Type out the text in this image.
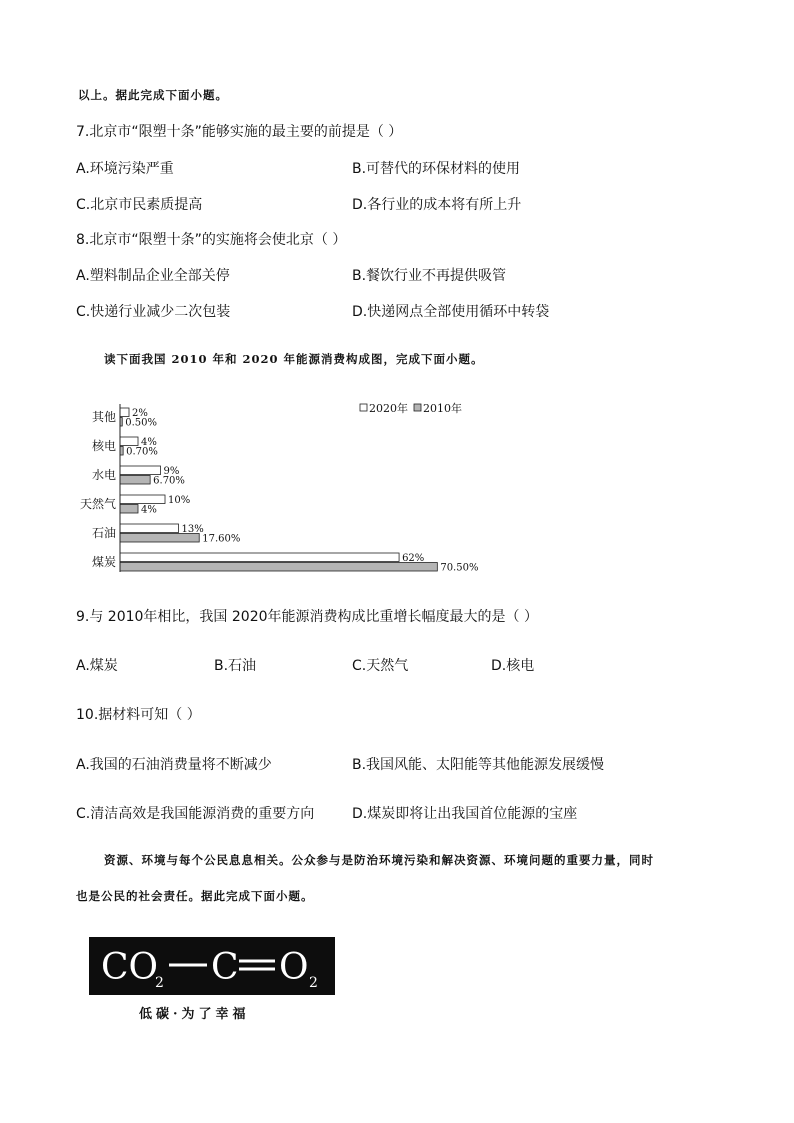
以上。据此完成下面小题。
7.北京市“限塑十条”能够实施的最主要的前提是（ ）
A.环境污染严重	B.可替代的环保材料的使用
C.北京市民素质提高	D.各行业的成本将有所上升
8.北京市“限塑十条”的实施将会使北京（ ）
A.塑料制品企业全部关停	B.餐饮行业不再提供吸管
C.快递行业减少二次包装	D.快递网点全部使用循环中转袋
读下面我国 2010 年和 2020 年能源消费构成图，完成下面小题。
2020年 2010年
其他
核电
水电
天然气
石油
煤炭
2%
0.50%
4%
0.70%
9%
6.70%
10%
4%
13%
17.60%
62%
70.50%
9.与 2010年相比，我国 2020年能源消费构成比重增长幅度最大的是（ ）
A.煤炭	B.石油	C.天然气	D.核电
10.据材料可知（ ）
A.我国的石油消费量将不断减少	B.我国风能、太阳能等其他能源发展缓慢
C.清洁高效是我国能源消费的重要方向	D.煤炭即将让出我国首位能源的宝座
资源、环境与每个公民息息相关。公众参与是防治环境污染和解决资源、环境问题的重要力量，同时
也是公民的社会责任。据此完成下面小题。
CO
2 C O 2
低碳·为了幸福
